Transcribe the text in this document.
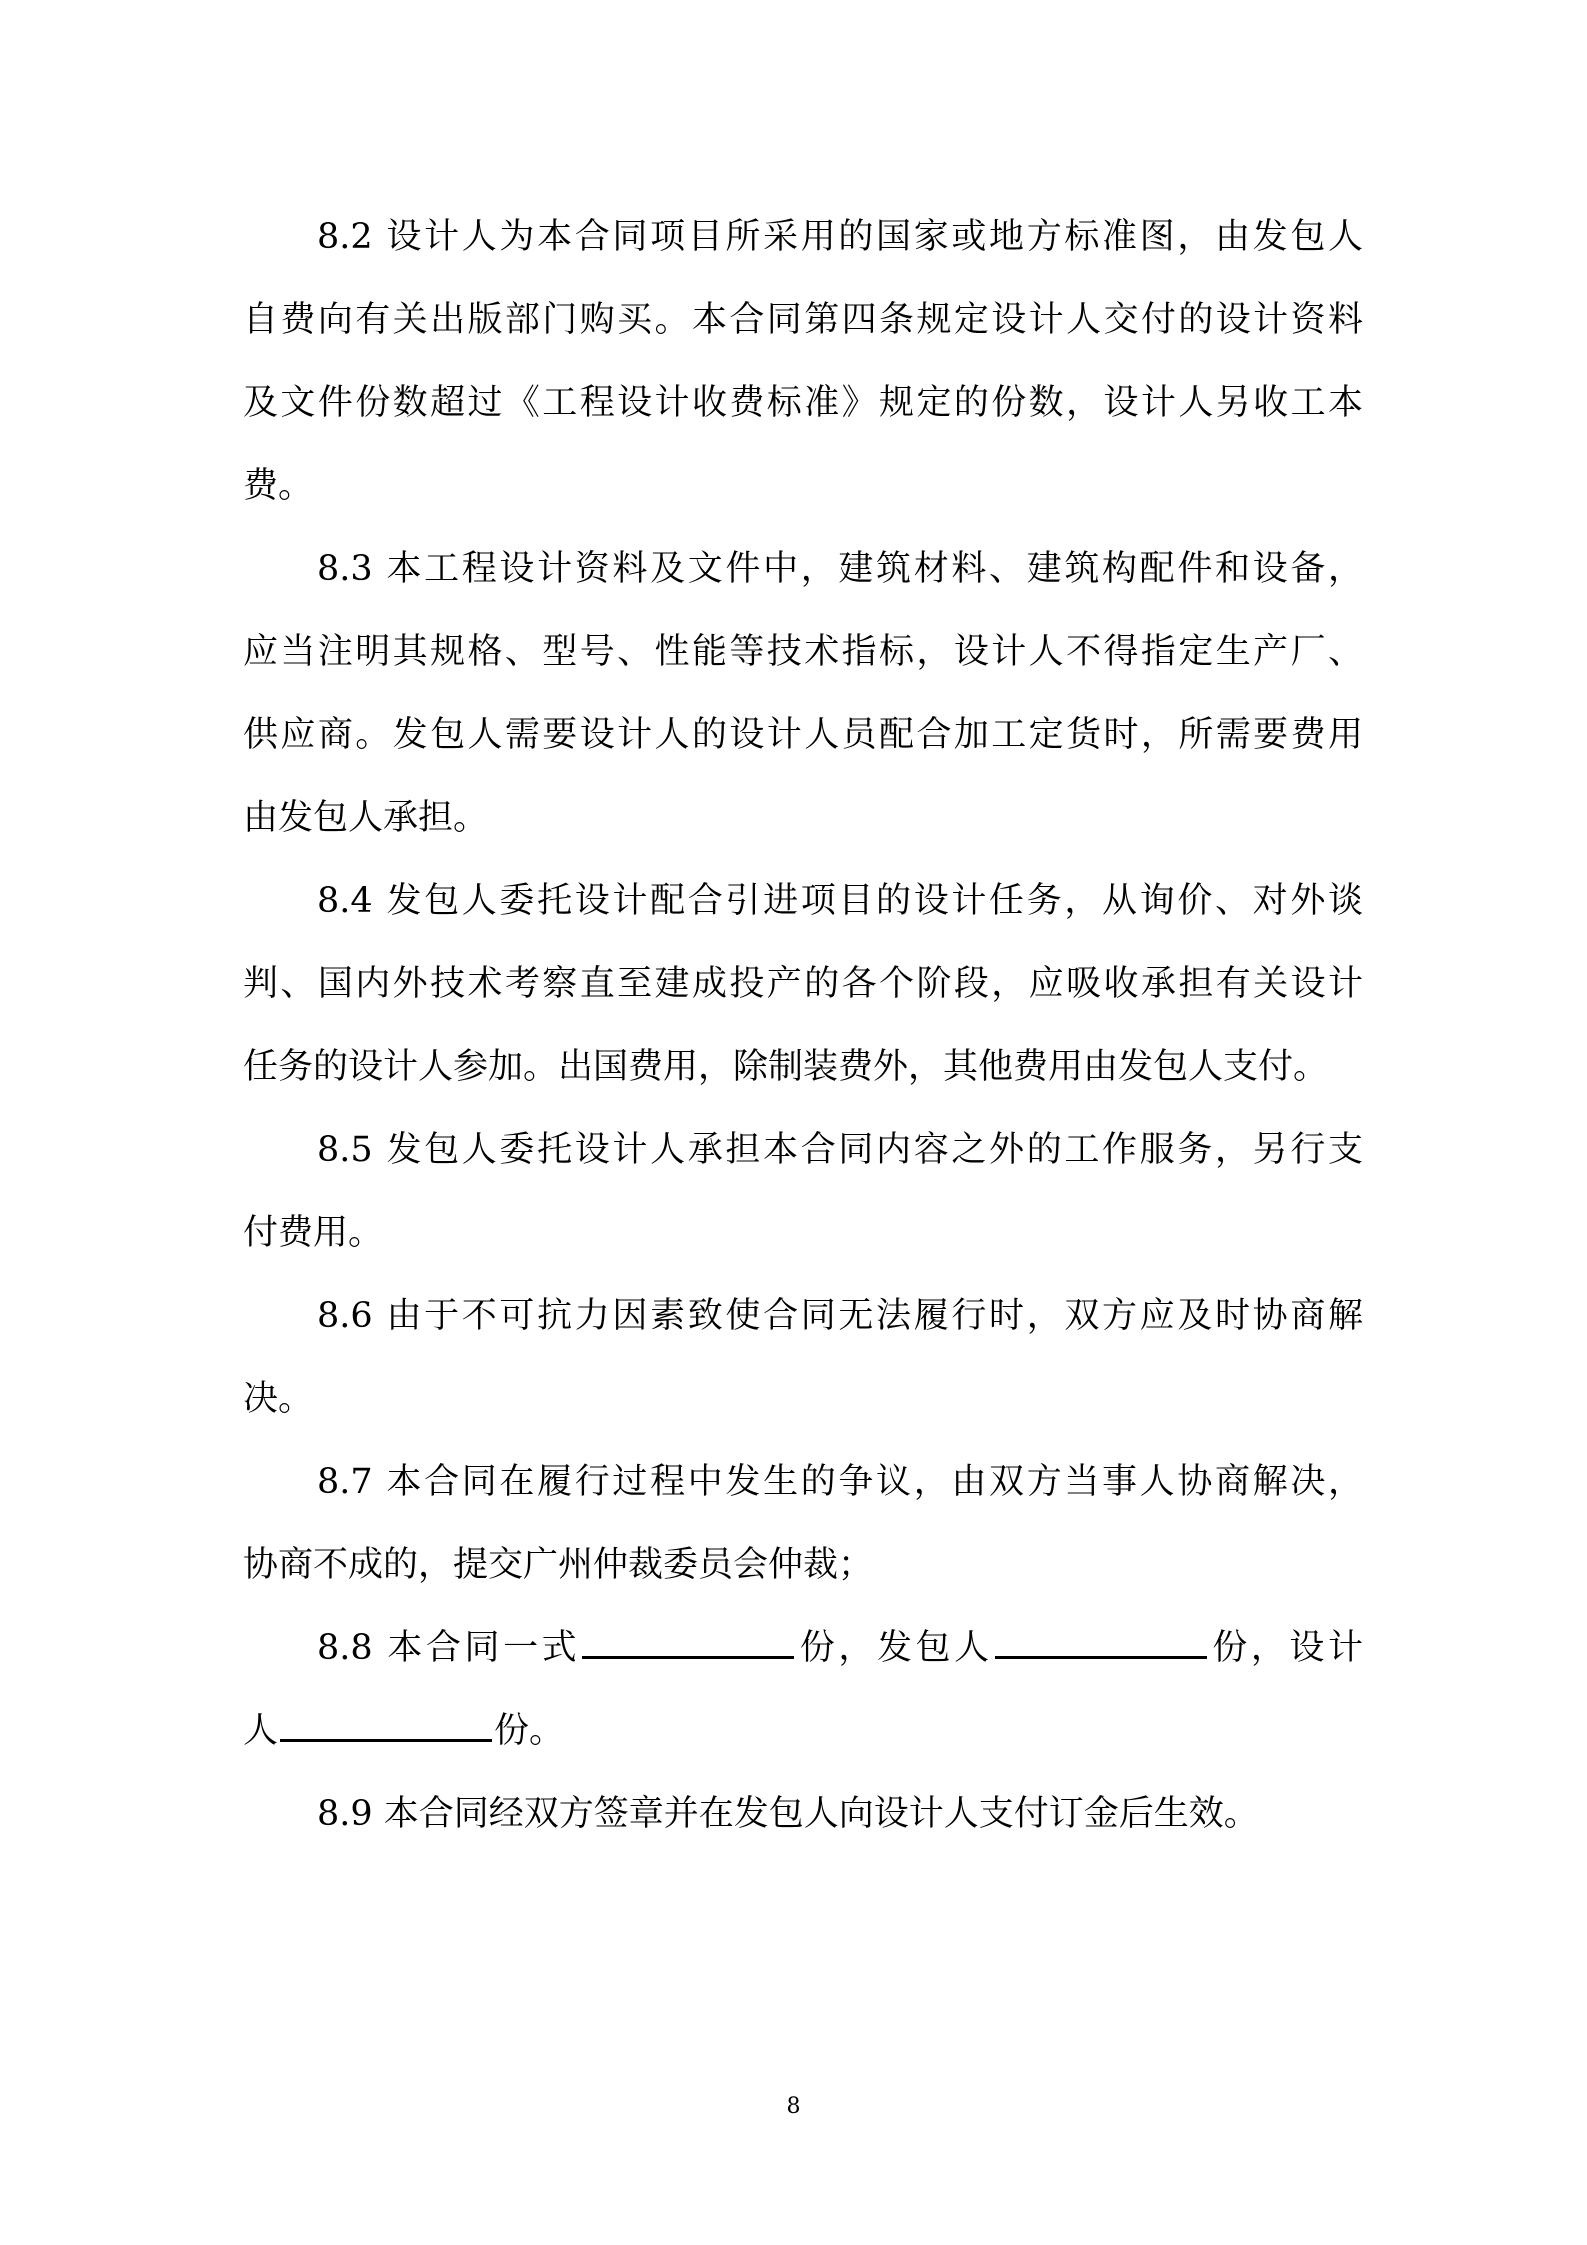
8.2 设计人为本合同项目所采用的国家或地方标准图，由发包人
自费向有关出版部门购买。本合同第四条规定设计人交付的设计资料
及文件份数超过《工程设计收费标准》规定的份数，设计人另收工本
费。
8.3 本工程设计资料及文件中，建筑材料、建筑构配件和设备，
应当注明其规格、型号、性能等技术指标，设计人不得指定生产厂、
供应商。发包人需要设计人的设计人员配合加工定货时，所需要费用
由发包人承担。
8.4 发包人委托设计配合引进项目的设计任务，从询价、对外谈
判、国内外技术考察直至建成投产的各个阶段，应吸收承担有关设计
任务的设计人参加。出国费用，除制装费外，其他费用由发包人支付。
8.5 发包人委托设计人承担本合同内容之外的工作服务，另行支
付费用。
8.6 由于不可抗力因素致使合同无法履行时，双方应及时协商解
决。
8.7 本合同在履行过程中发生的争议，由双方当事人协商解决，
协商不成的，提交广州仲裁委员会仲裁；
8.8 本合同一式	份，发包人	份，设计
人	份。
8.9 本合同经双方签章并在发包人向设计人支付订金后生效。
8
